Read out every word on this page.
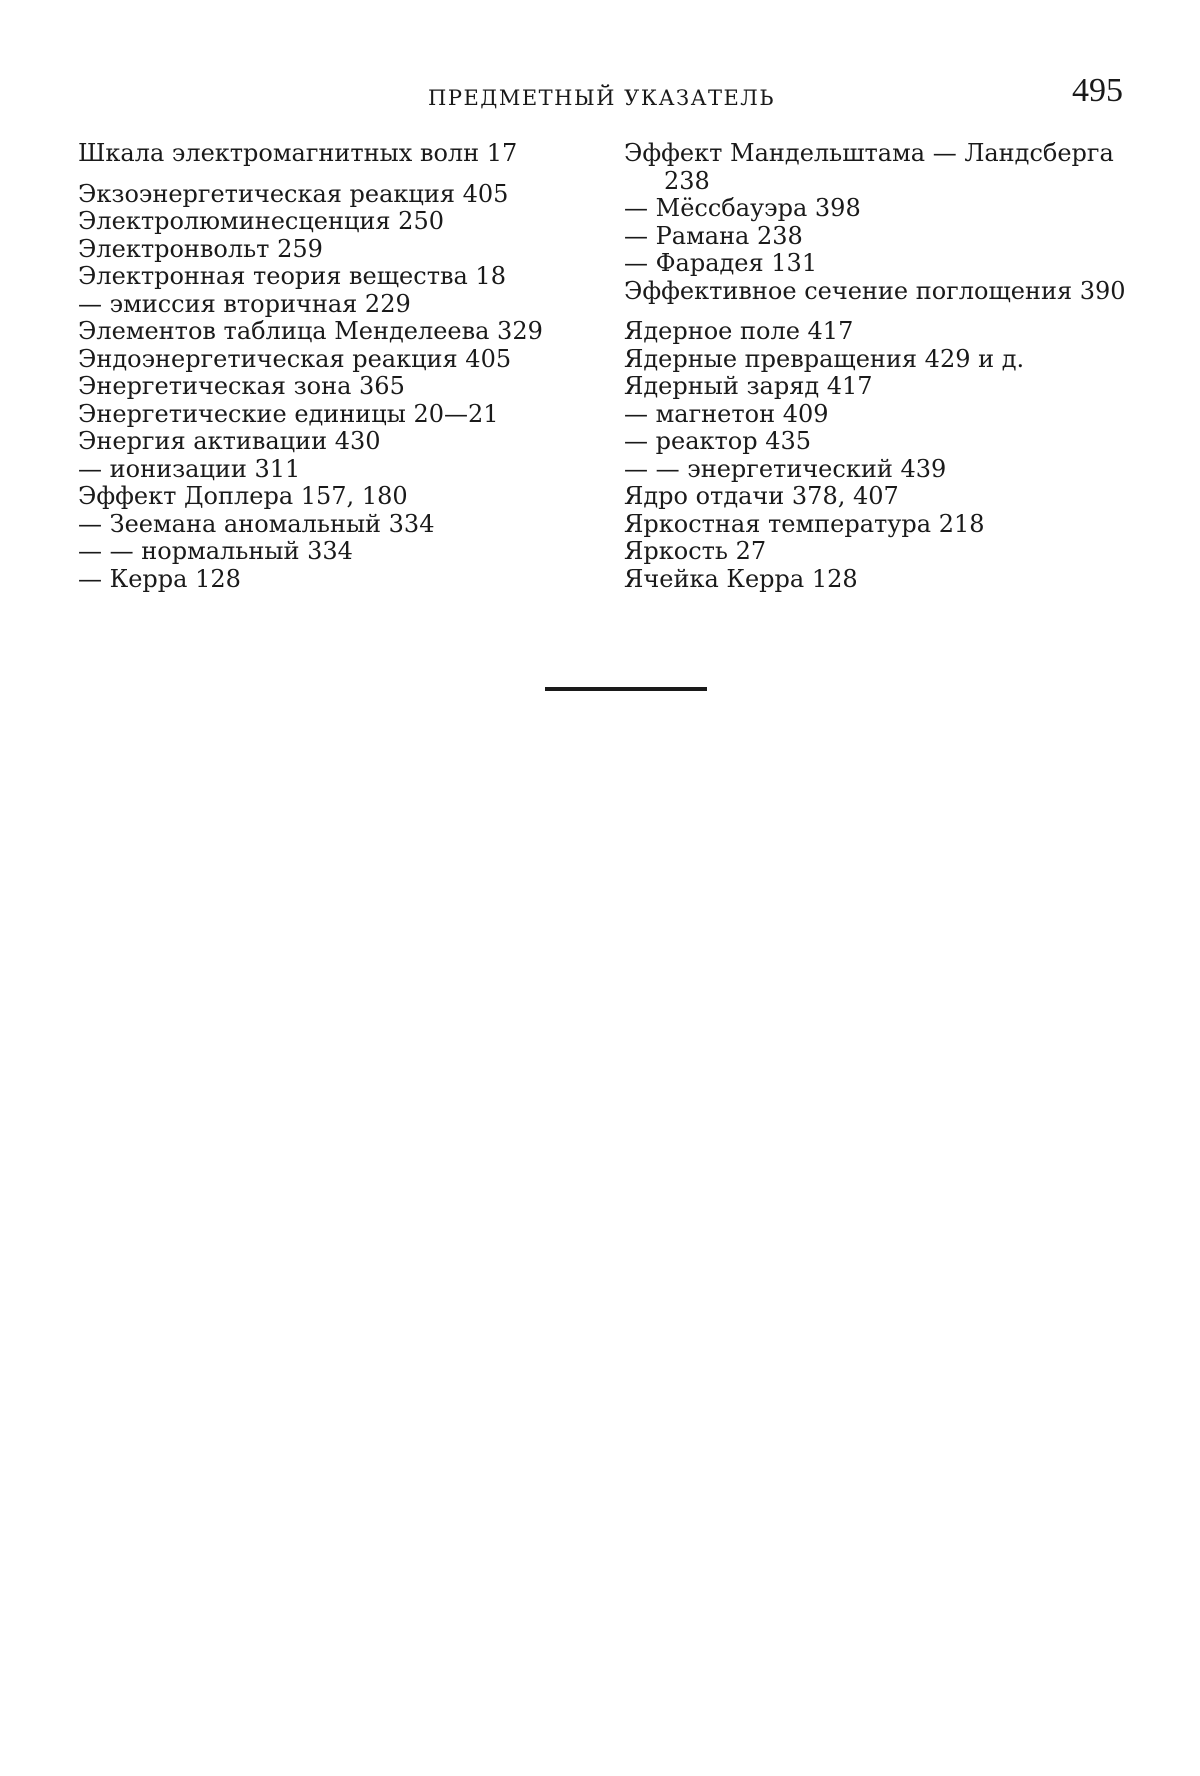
ПРЕДМЕТНЫЙ УКАЗАТЕЛЬ	495
Шкала электромагнитных волн 17
Экзоэнергетическая реакция 405
Электролюминесценция 250
Электронвольт 259
Электронная теория вещества 18
— эмиссия вторичная 229
Элементов таблица Менделеева 329
Эндоэнергетическая реакция 405
Энергетическая зона 365
Энергетические единицы 20—21
Энергия активации 430
— ионизации 311
Эффект Доплера 157, 180
— Зеемана аномальный 334
— — нормальный 334
— Керра 128
Эффект Мандельштама — Ландсберга
238
— Мёссбауэра 398
— Рамана 238
— Фарадея 131
Эффективное сечение поглощения 390
Ядерное поле 417
Ядерные превращения 429 и д.
Ядерный заряд 417
— магнетон 409
— реактор 435
— — энергетический 439
Ядро отдачи 378, 407
Яркостная температура 218
Яркость 27
Ячейка Керра 128
